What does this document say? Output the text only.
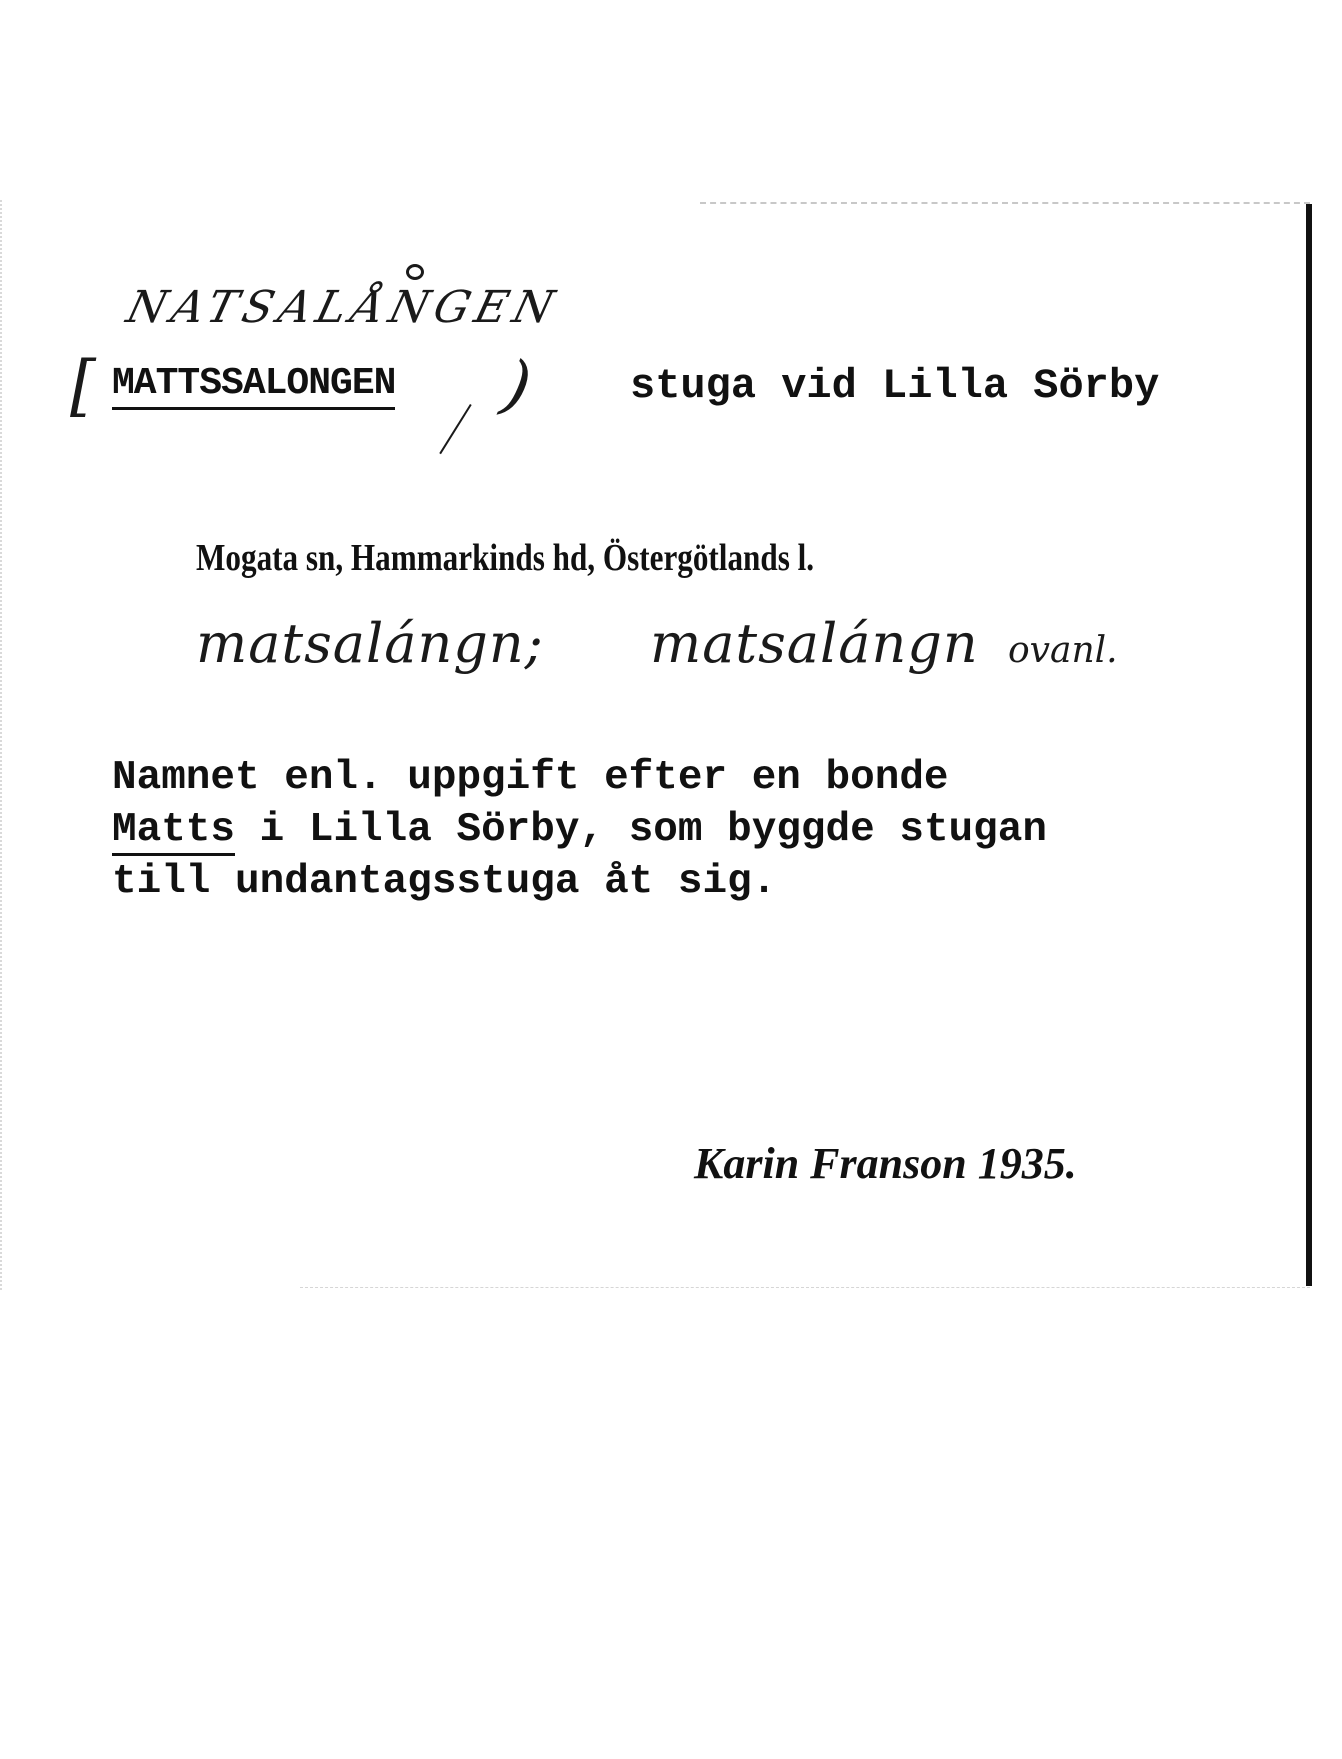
NATSALÅNGEN
[ MATTSSALONGEN ) stuga vid Lilla Sörby
Mogata sn, Hammarkinds hd, Östergötlands l.
matsalángn; matsalángn ovanl.
Namnet enl. uppgift efter en bonde
Matts i Lilla Sörby, som byggde stugan
till undantagsstuga åt sig.
Karin Franson 1935.
